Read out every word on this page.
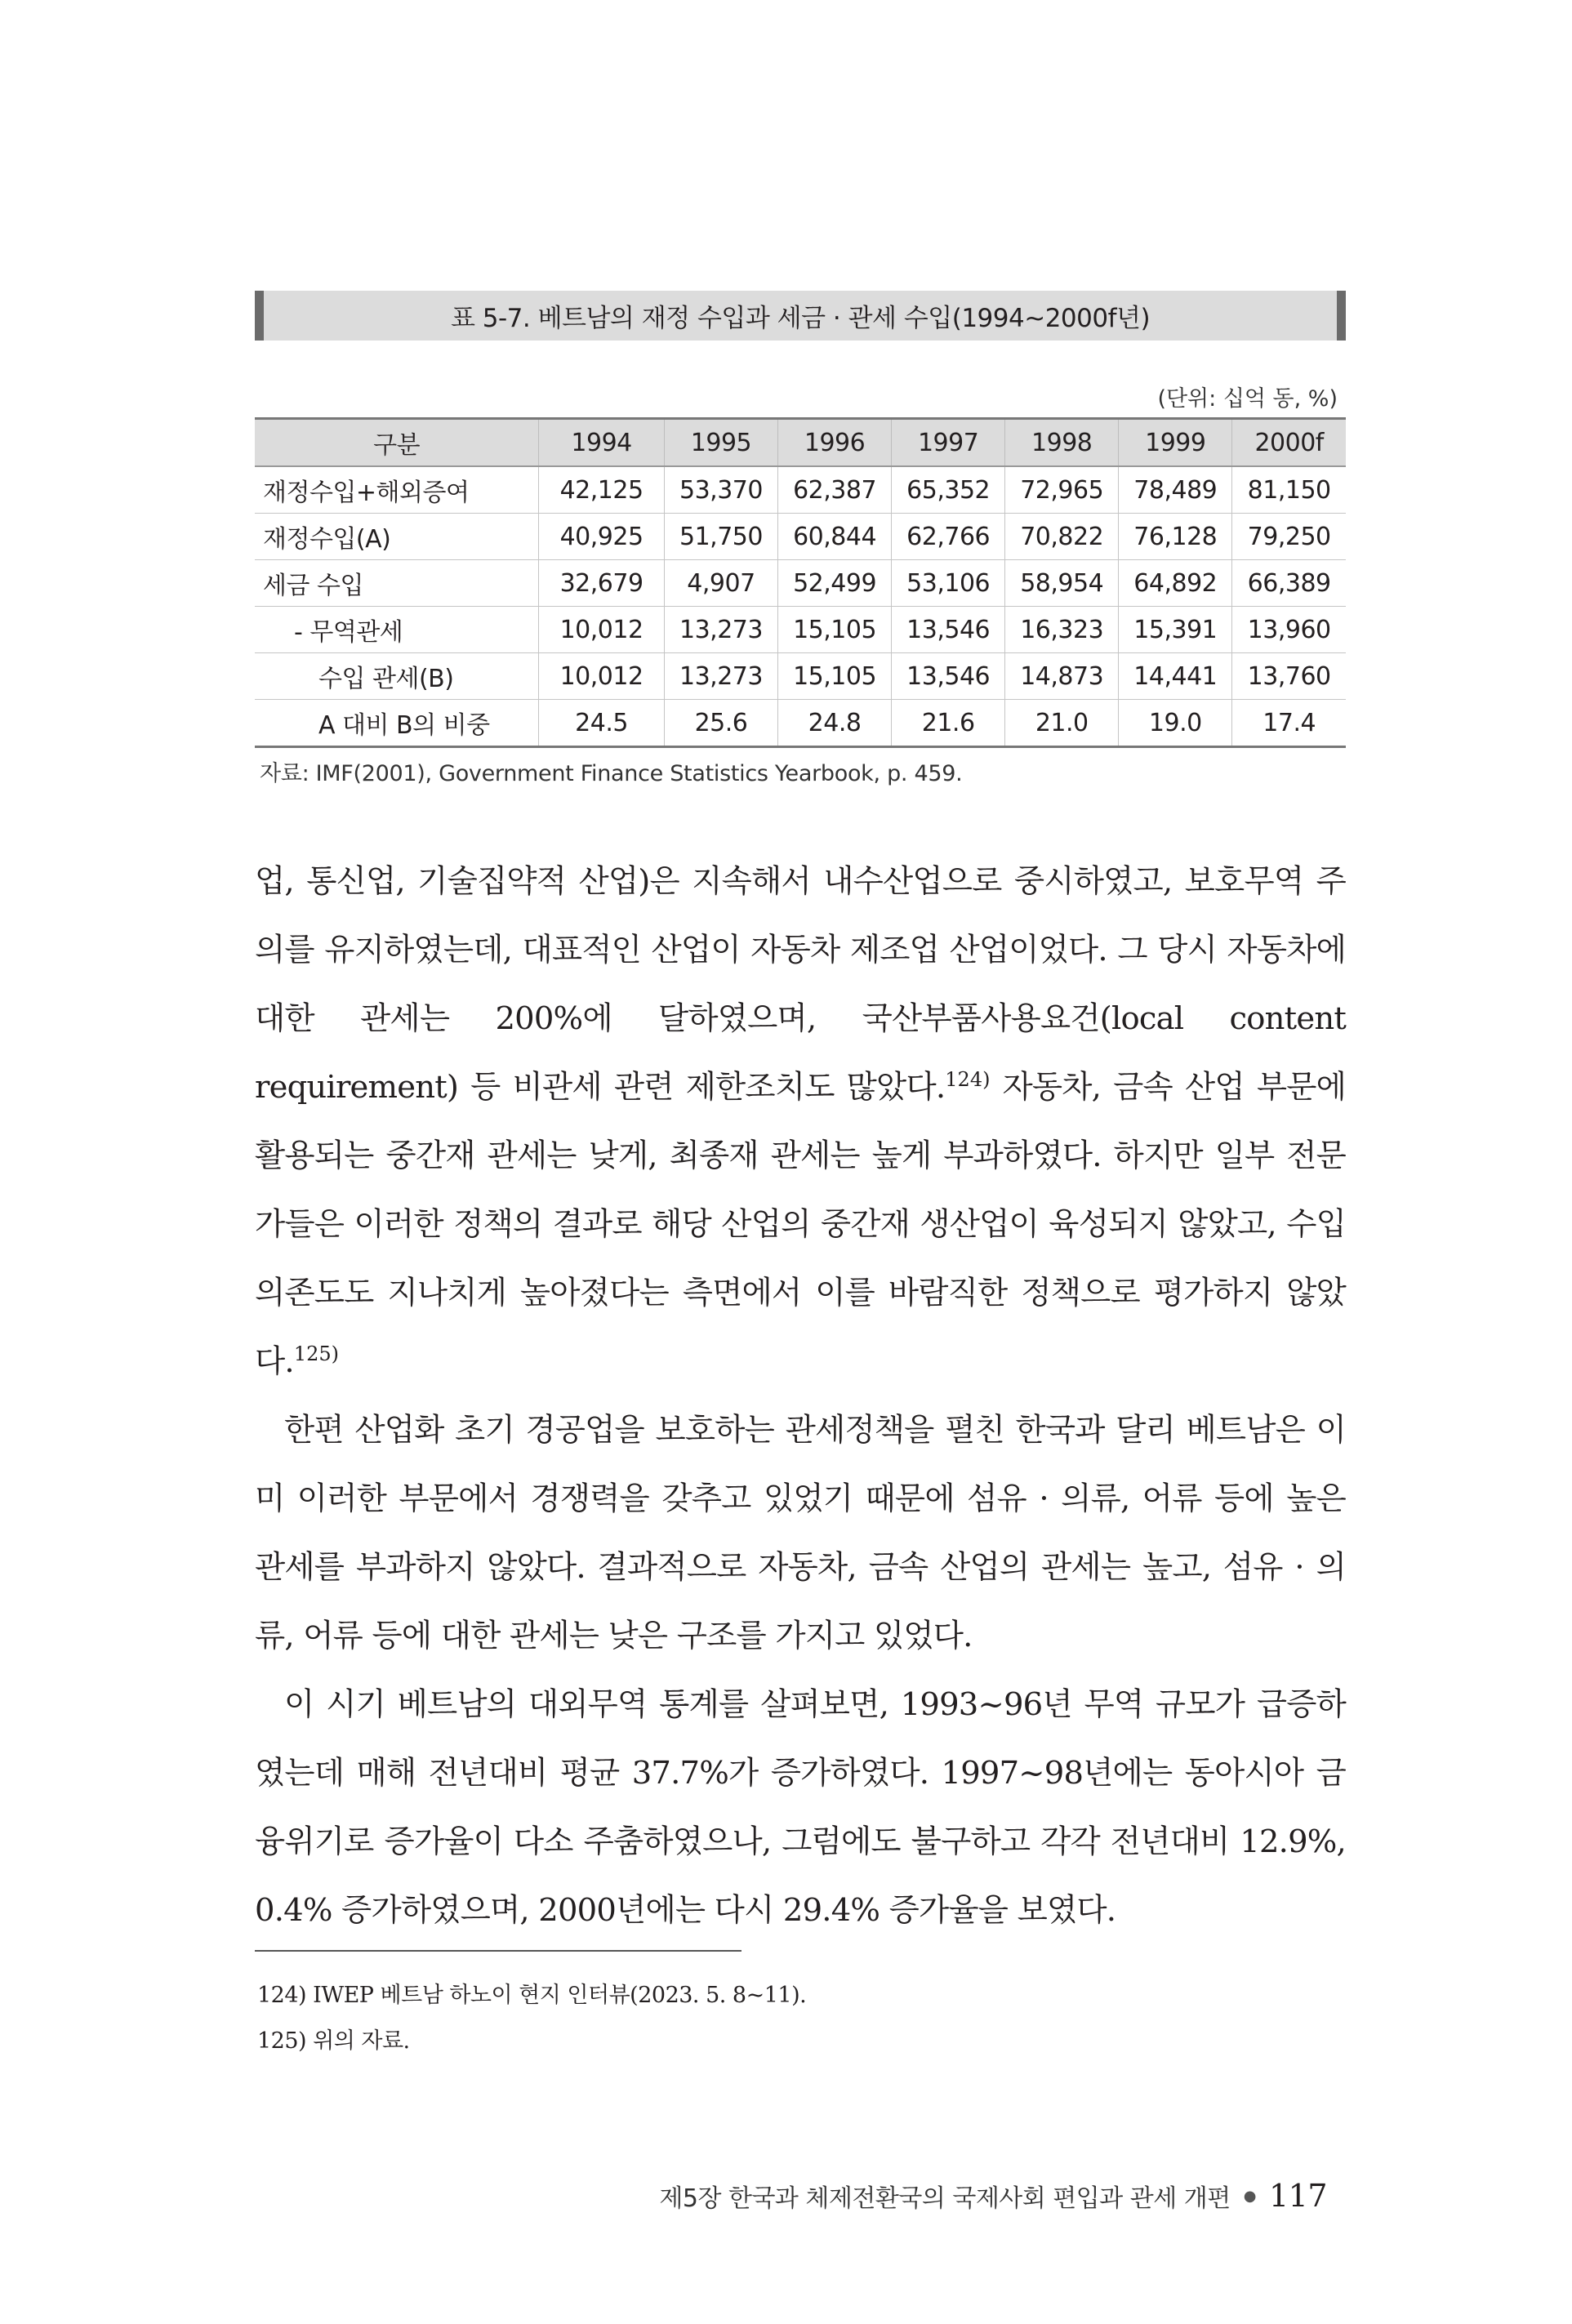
표 5-7. 베트남의 재정 수입과 세금 · 관세 수입(1994~2000f년)
(단위: 십억 동, %)
구분	1994	1995	1996	1997	1998	1999	2000f
재정수입+해외증여	42,125	53,370	62,387	65,352	72,965	78,489	81,150
재정수입(A)	40,925	51,750	60,844	62,766	70,822	76,128	79,250
세금 수입	32,679	4,907	52,499	53,106	58,954	64,892	66,389
- 무역관세	10,012	13,273	15,105	13,546	16,323	15,391	13,960
수입 관세(B)	10,012	13,273	15,105	13,546	14,873	14,441	13,760
A 대비 B의 비중	24.5	25.6	24.8	21.6	21.0	19.0	17.4
자료: IMF(2001), Government Finance Statistics Yearbook, p. 459.

업, 통신업, 기술집약적 산업)은 지속해서 내수산업으로 중시하였고, 보호무역 주의를 유지하였는데, 대표적인 산업이 자동차 제조업 산업이었다. 그 당시 자동차에 대한 관세는 200%에 달하였으며, 국산부품사용요건(local content requirement) 등 비관세 관련 제한조치도 많았다.$^{124)}$ 자동차, 금속 산업 부문에 활용되는 중간재 관세는 낮게, 최종재 관세는 높게 부과하였다. 하지만 일부 전문가들은 이러한 정책의 결과로 해당 산업의 중간재 생산업이 육성되지 않았고, 수입 의존도도 지나치게 높아졌다는 측면에서 이를 바람직한 정책으로 평가하지 않았다.$^{125)}$

한편 산업화 초기 경공업을 보호하는 관세정책을 펼친 한국과 달리 베트남은 이미 이러한 부문에서 경쟁력을 갖추고 있었기 때문에 섬유 · 의류, 어류 등에 높은 관세를 부과하지 않았다. 결과적으로 자동차, 금속 산업의 관세는 높고, 섬유 · 의류, 어류 등에 대한 관세는 낮은 구조를 가지고 있었다.

이 시기 베트남의 대외무역 통계를 살펴보면, 1993~96년 무역 규모가 급증하였는데 매해 전년대비 평균 37.7%가 증가하였다. 1997~98년에는 동아시아 금융위기로 증가율이 다소 주춤하였으나, 그럼에도 불구하고 각각 전년대비 12.9%, 0.4% 증가하였으며, 2000년에는 다시 29.4% 증가율을 보였다.

124) IWEP 베트남 하노이 현지 인터뷰(2023. 5. 8~11).
125) 위의 자료.
제5장 한국과 체제전환국의 국제사회 편입과 관세 개편 ● 117
